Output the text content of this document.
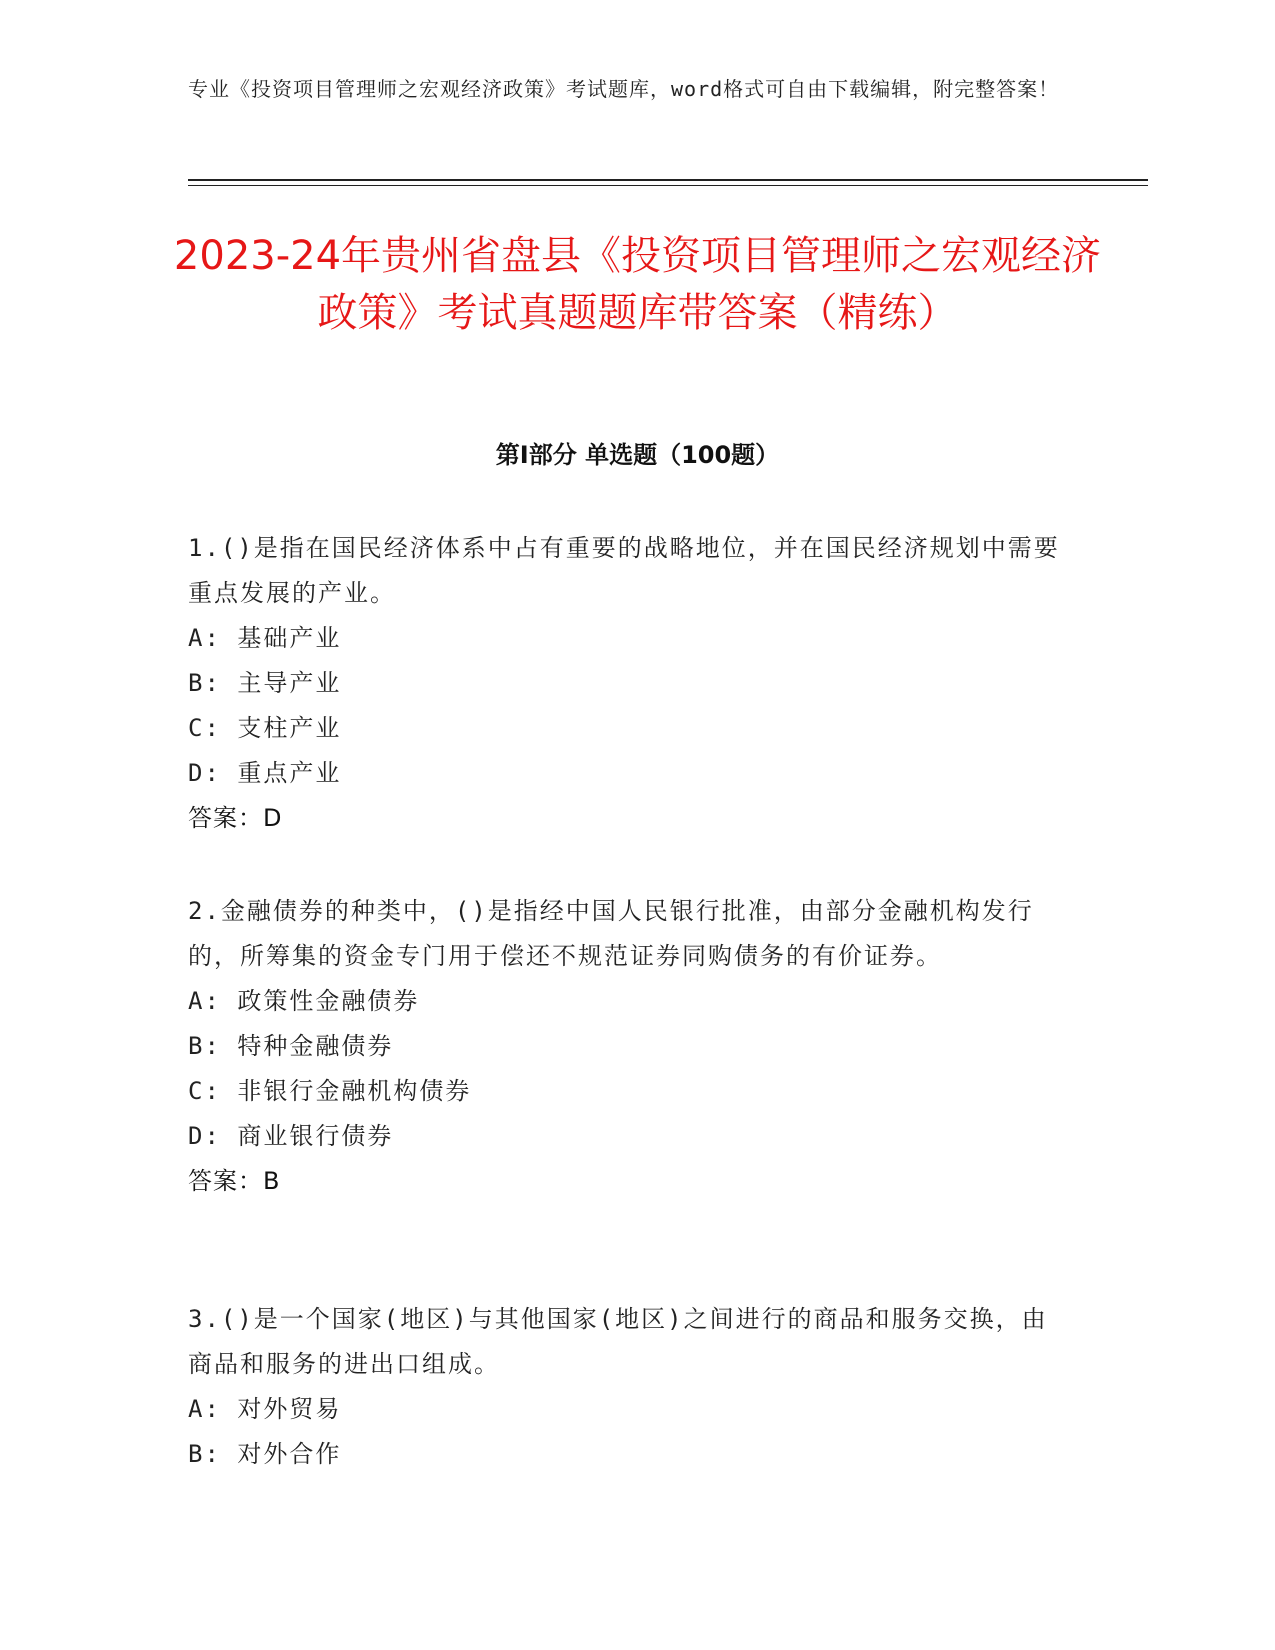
专业《投资项目管理师之宏观经济政策》考试题库，word格式可自由下载编辑，附完整答案！
2023-24年贵州省盘县《投资项目管理师之宏观经济政策》考试真题题库带答案（精练）
第I部分 单选题（100题）

1.()是指在国民经济体系中占有重要的战略地位，并在国民经济规划中需要重点发展的产业。

A: 基础产业

B: 主导产业

C: 支柱产业

D: 重点产业

答案：D

2.金融债券的种类中，()是指经中国人民银行批准，由部分金融机构发行的，所筹集的资金专门用于偿还不规范证券同购债务的有价证券。

A: 政策性金融债券

B: 特种金融债券

C: 非银行金融机构债券

D: 商业银行债券

答案：B

3.()是一个国家(地区)与其他国家(地区)之间进行的商品和服务交换，由商品和服务的进出口组成。

A: 对外贸易

B: 对外合作
